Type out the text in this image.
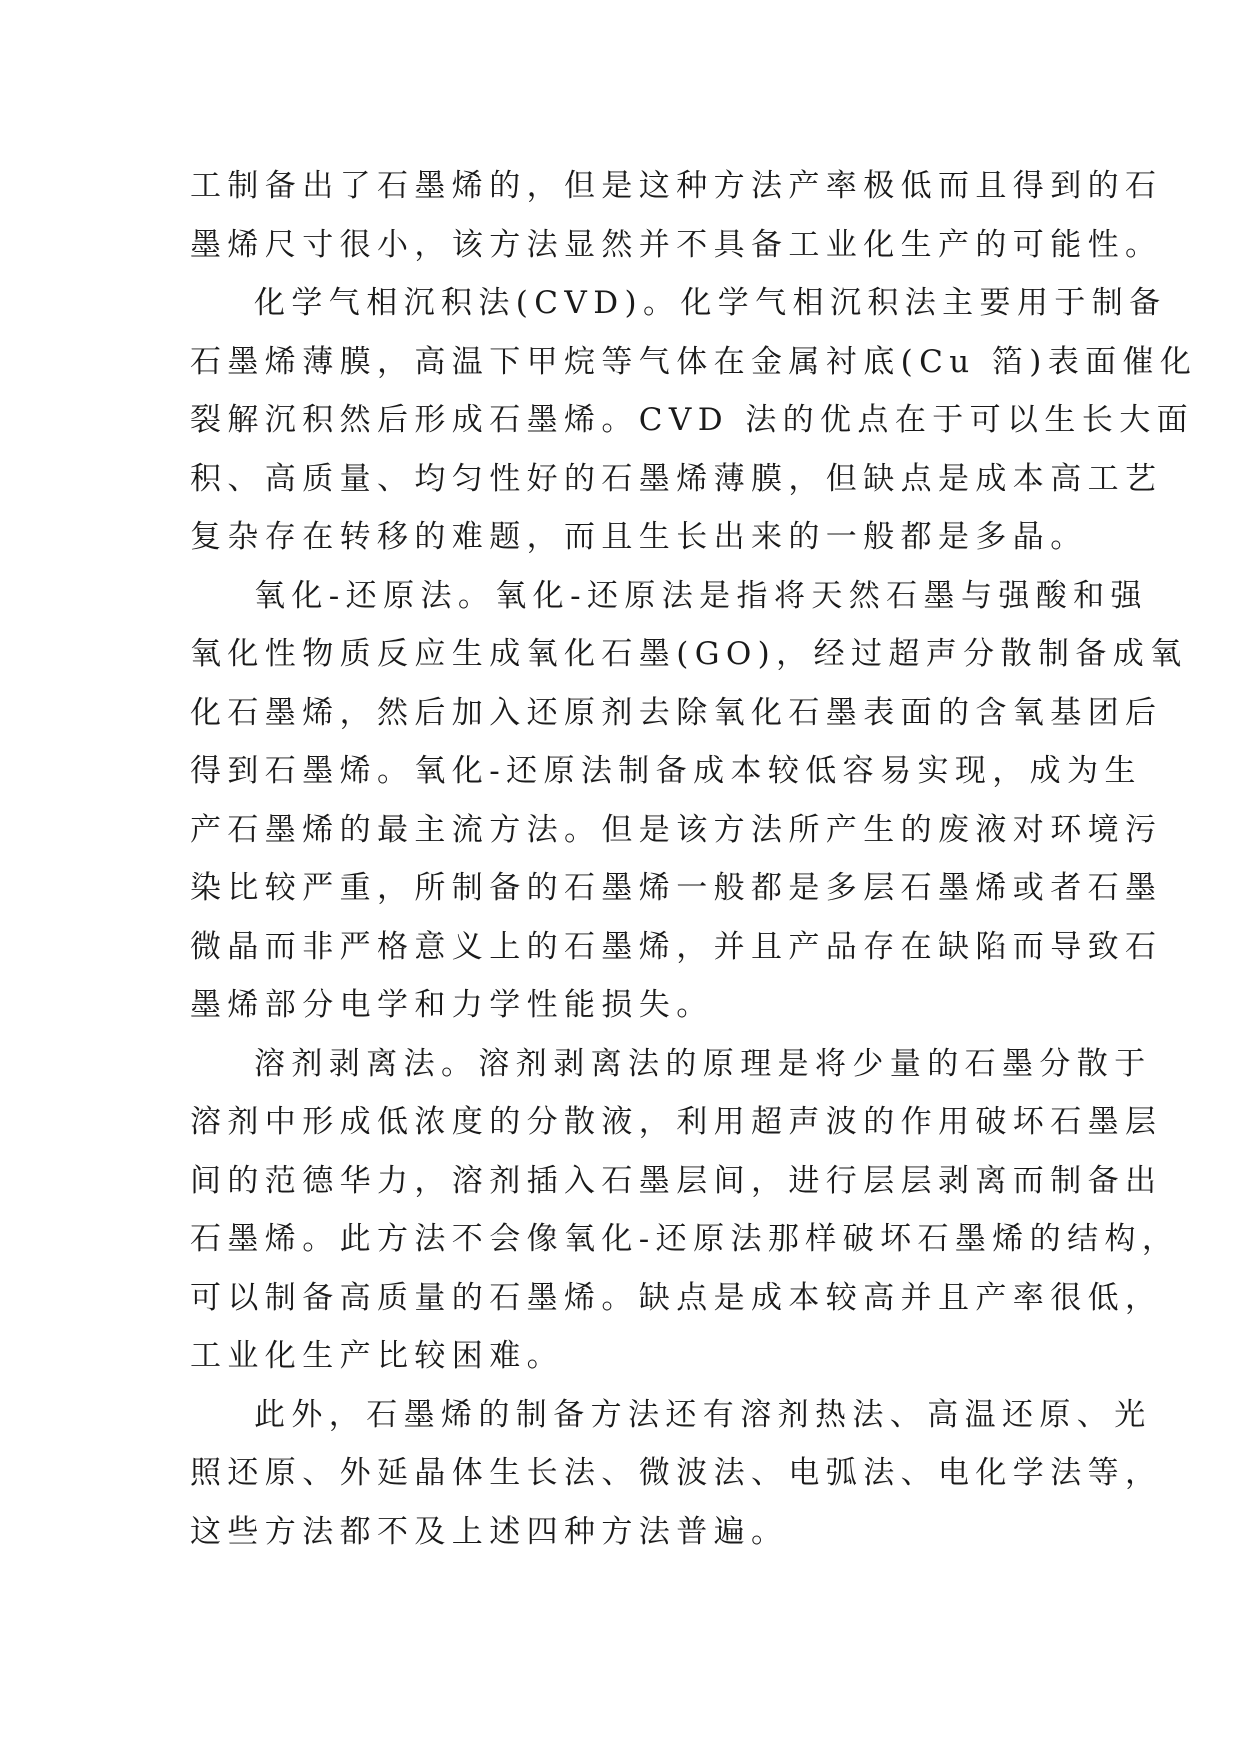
工制备出了石墨烯的，但是这种方法产率极低而且得到的石
墨烯尺寸很小，该方法显然并不具备工业化生产的可能性。
化学气相沉积法(CVD)。化学气相沉积法主要用于制备
石墨烯薄膜，高温下甲烷等气体在金属衬底(Cu 箔)表面催化
裂解沉积然后形成石墨烯。CVD 法的优点在于可以生长大面
积、高质量、均匀性好的石墨烯薄膜，但缺点是成本高工艺
复杂存在转移的难题，而且生长出来的一般都是多晶。
氧化-还原法。氧化-还原法是指将天然石墨与强酸和强
氧化性物质反应生成氧化石墨(GO)，经过超声分散制备成氧
化石墨烯，然后加入还原剂去除氧化石墨表面的含氧基团后
得到石墨烯。氧化-还原法制备成本较低容易实现，成为生
产石墨烯的最主流方法。但是该方法所产生的废液对环境污
染比较严重，所制备的石墨烯一般都是多层石墨烯或者石墨
微晶而非严格意义上的石墨烯，并且产品存在缺陷而导致石
墨烯部分电学和力学性能损失。
溶剂剥离法。溶剂剥离法的原理是将少量的石墨分散于
溶剂中形成低浓度的分散液，利用超声波的作用破坏石墨层
间的范德华力，溶剂插入石墨层间，进行层层剥离而制备出
石墨烯。此方法不会像氧化-还原法那样破坏石墨烯的结构，
可以制备高质量的石墨烯。缺点是成本较高并且产率很低，
工业化生产比较困难。
此外，石墨烯的制备方法还有溶剂热法、高温还原、光
照还原、外延晶体生长法、微波法、电弧法、电化学法等，
这些方法都不及上述四种方法普遍。
